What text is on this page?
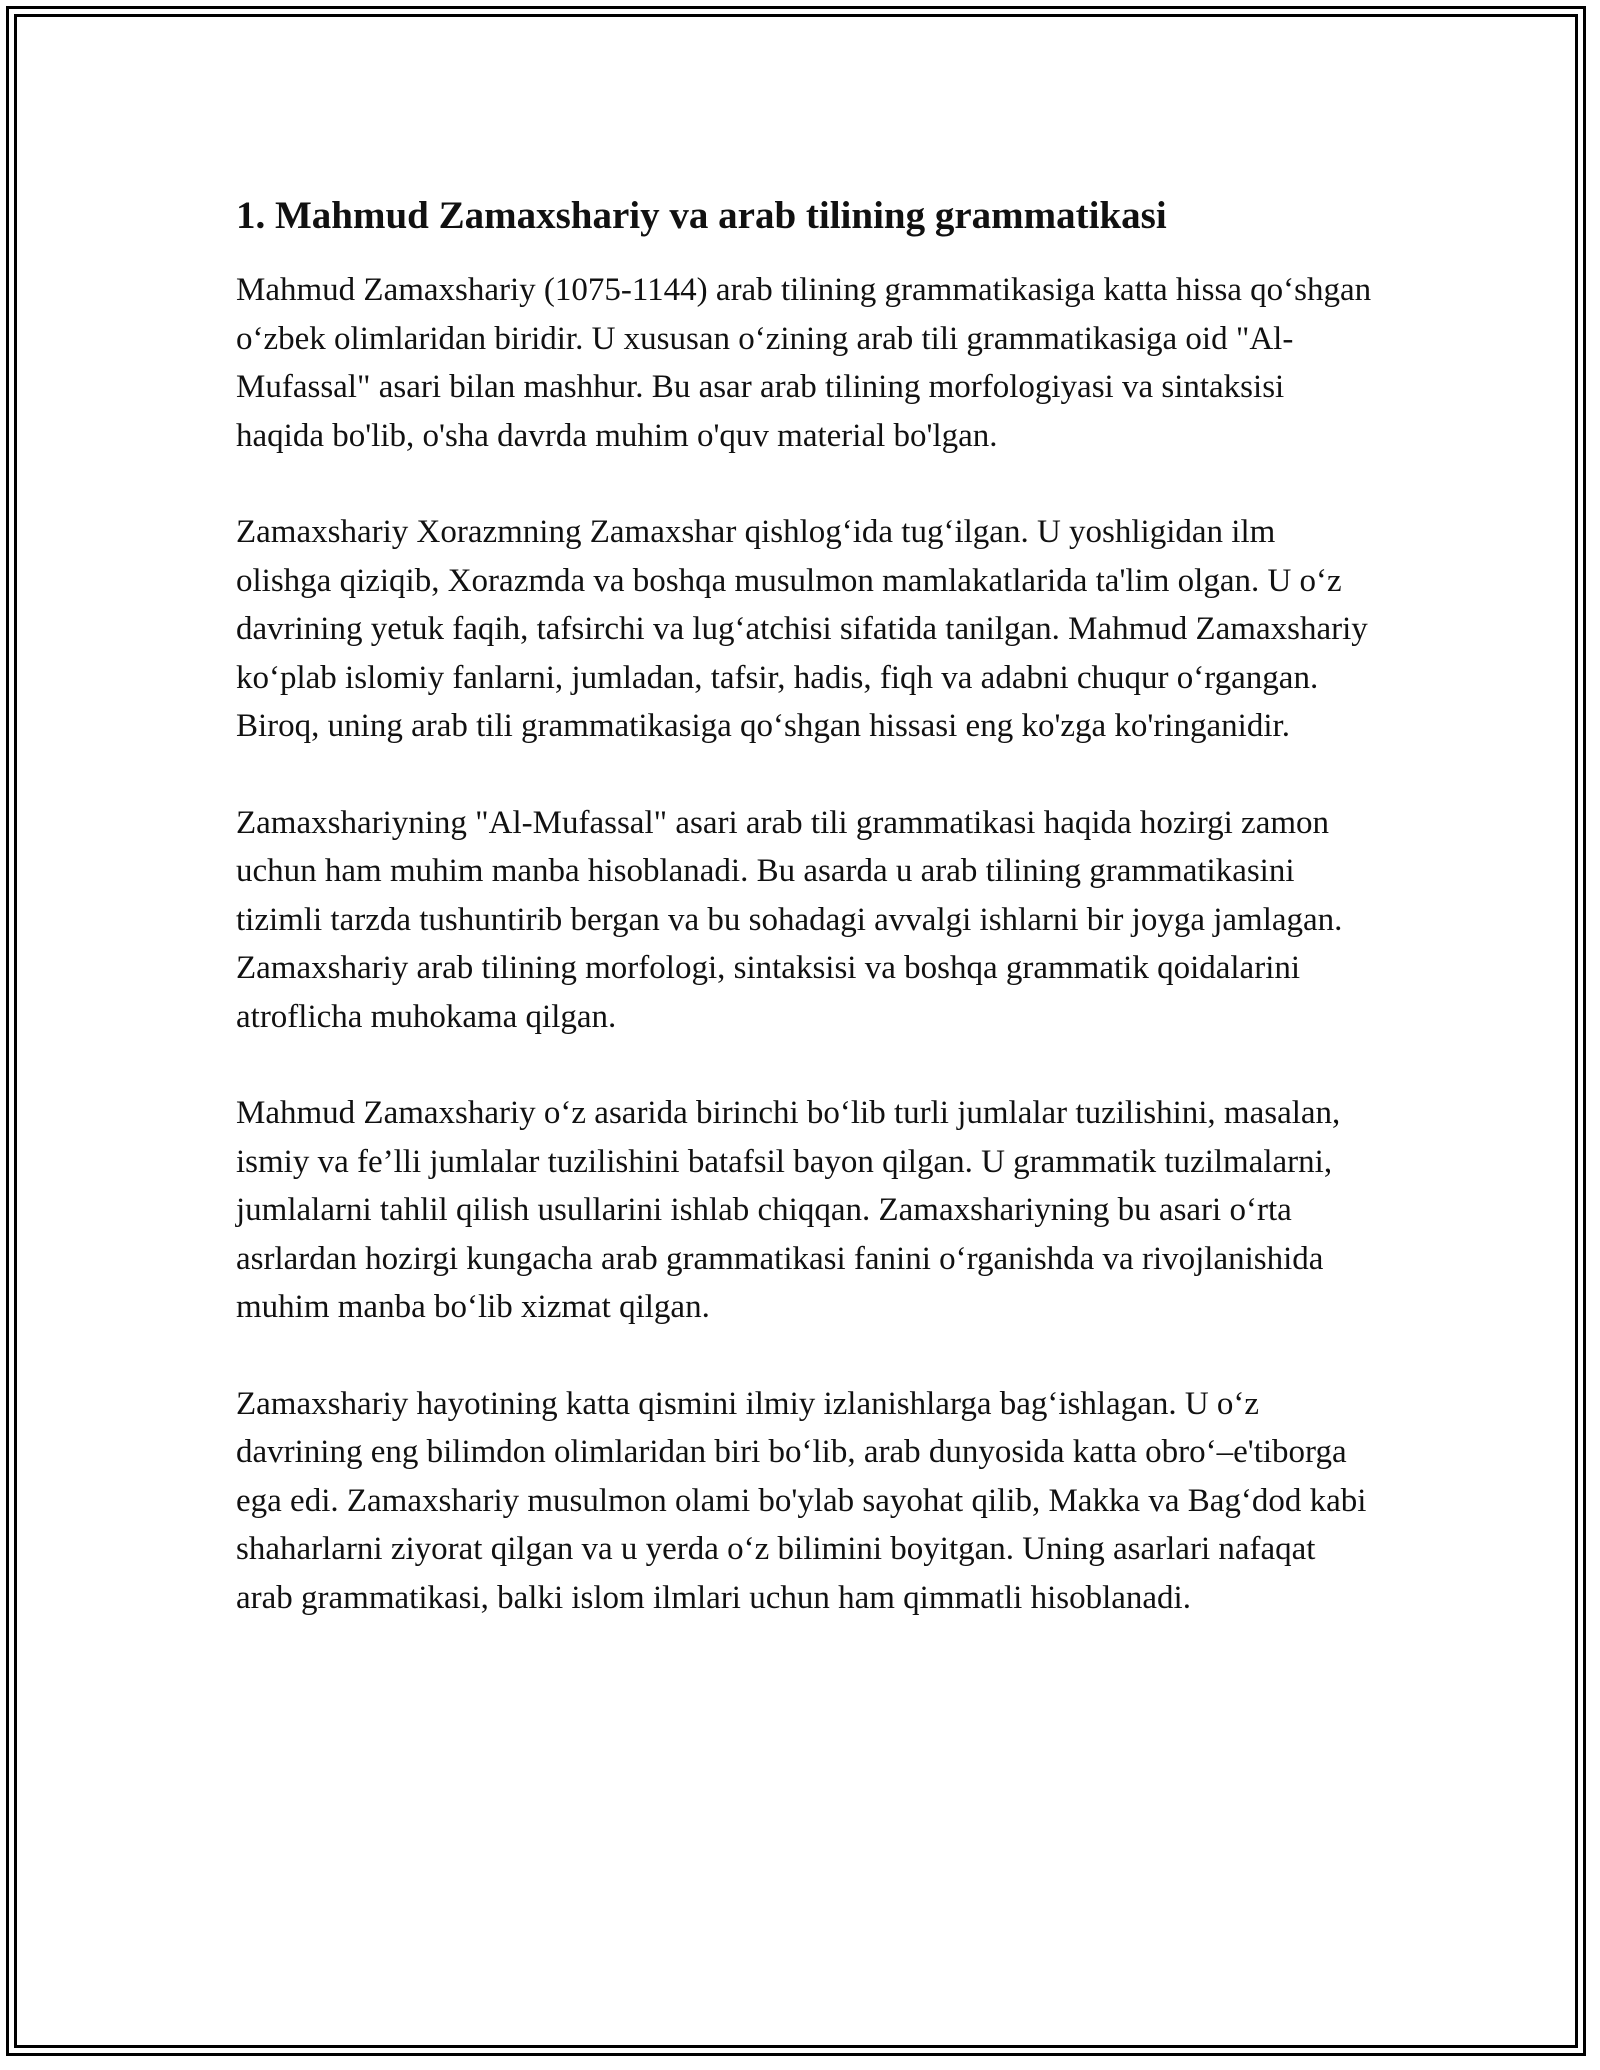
1. Mahmud Zamaxshariy va arab tilining grammatikasi

Mahmud Zamaxshariy (1075-1144) arab tilining grammatikasiga katta hissa qo‘shgan o‘zbek olimlaridan biridir. U xususan o‘zining arab tili grammatikasiga oid "Al-Mufassal" asari bilan mashhur. Bu asar arab tilining morfologiyasi va sintaksisi haqida bo'lib, o'sha davrda muhim o'quv material bo'lgan.

Zamaxshariy Xorazmning Zamaxshar qishlog‘ida tug‘ilgan. U yoshligidan ilm olishga qiziqib, Xorazmda va boshqa musulmon mamlakatlarida ta'lim olgan. U o‘z davrining yetuk faqih, tafsirchi va lug‘atchisi sifatida tanilgan. Mahmud Zamaxshariy ko‘plab islomiy fanlarni, jumladan, tafsir, hadis, fiqh va adabni chuqur o‘rgangan. Biroq, uning arab tili grammatikasiga qo‘shgan hissasi eng ko'zga ko'ringanidir.

Zamaxshariyning "Al-Mufassal" asari arab tili grammatikasi haqida hozirgi zamon uchun ham muhim manba hisoblanadi. Bu asarda u arab tilining grammatikasini tizimli tarzda tushuntirib bergan va bu sohadagi avvalgi ishlarni bir joyga jamlagan. Zamaxshariy arab tilining morfologi, sintaksisi va boshqa grammatik qoidalarini atroflicha muhokama qilgan.

Mahmud Zamaxshariy o‘z asarida birinchi bo‘lib turli jumlalar tuzilishini, masalan, ismiy va fe’lli jumlalar tuzilishini batafsil bayon qilgan. U grammatik tuzilmalarni, jumlalarni tahlil qilish usullarini ishlab chiqqan. Zamaxshariyning bu asari o‘rta asrlardan hozirgi kungacha arab grammatikasi fanini o‘rganishda va rivojlanishida muhim manba bo‘lib xizmat qilgan.

Zamaxshariy hayotining katta qismini ilmiy izlanishlarga bag‘ishlagan. U o‘z davrining eng bilimdon olimlaridan biri bo‘lib, arab dunyosida katta obro‘–e'tiborga ega edi. Zamaxshariy musulmon olami bo'ylab sayohat qilib, Makka va Bag‘dod kabi shaharlarni ziyorat qilgan va u yerda o‘z bilimini boyitgan. Uning asarlari nafaqat arab grammatikasi, balki islom ilmlari uchun ham qimmatli hisoblanadi.
